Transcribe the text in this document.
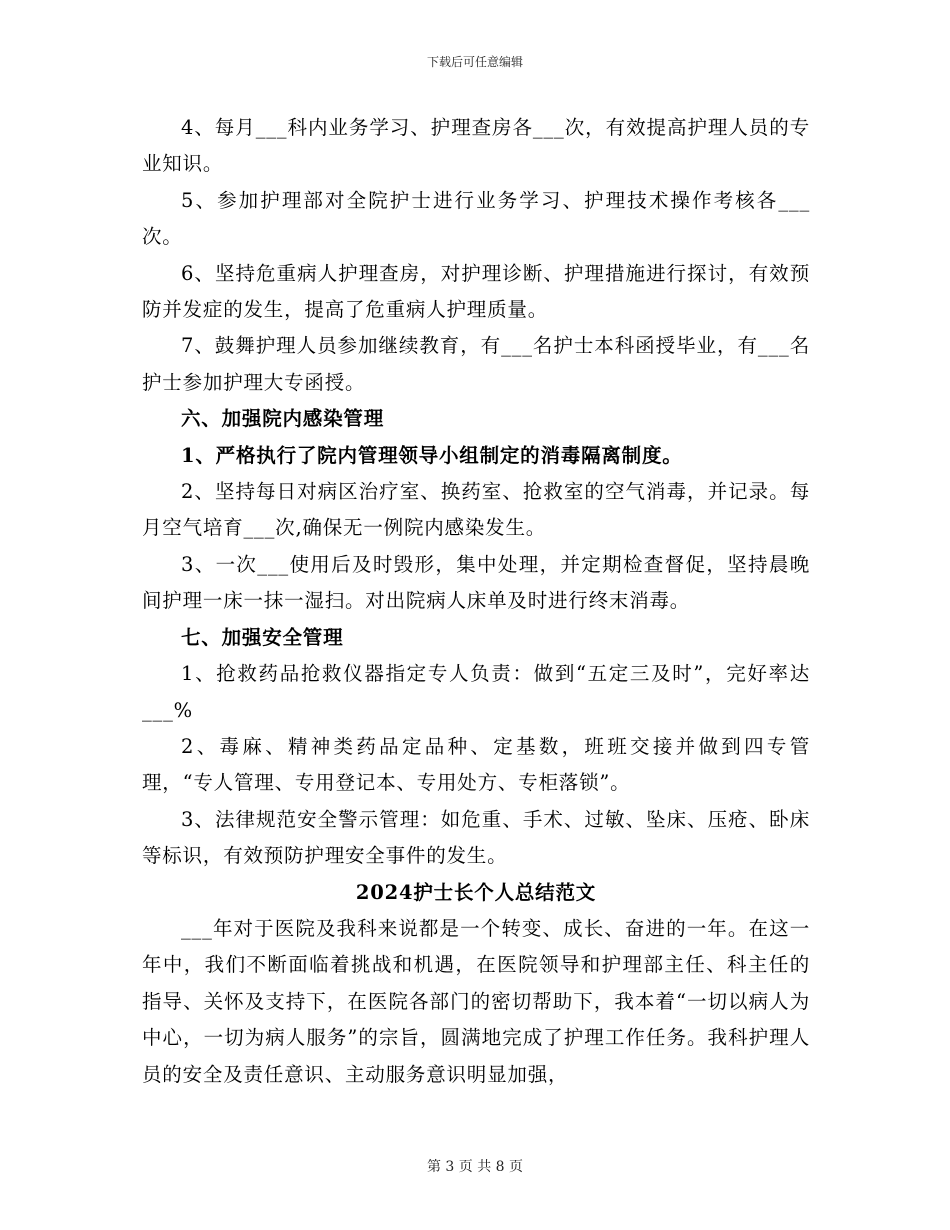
下载后可任意编辑

4、每月___科内业务学习、护理查房各___次，有效提高护理人员的专业知识。

5、参加护理部对全院护士进行业务学习、护理技术操作考核各___次。

6、坚持危重病人护理查房，对护理诊断、护理措施进行探讨，有效预防并发症的发生，提高了危重病人护理质量。

7、鼓舞护理人员参加继续教育，有___名护士本科函授毕业，有___名护士参加护理大专函授。

六、加强院内感染管理

1、严格执行了院内管理领导小组制定的消毒隔离制度。

2、坚持每日对病区治疗室、换药室、抢救室的空气消毒，并记录。每月空气培育___次,确保无一例院内感染发生。

3、一次___使用后及时毁形，集中处理，并定期检查督促，坚持晨晚间护理一床一抹一湿扫。对出院病人床单及时进行终末消毒。

七、加强安全管理

1、抢救药品抢救仪器指定专人负责：做到“五定三及时”，完好率达___%

2、毒麻、精神类药品定品种、定基数，班班交接并做到四专管理，“专人管理、专用登记本、专用处方、专柜落锁”。

3、法律规范安全警示管理：如危重、手术、过敏、坠床、压疮、卧床等标识，有效预防护理安全事件的发生。

2024护士长个人总结范文

___年对于医院及我科来说都是一个转变、成长、奋进的一年。在这一年中，我们不断面临着挑战和机遇，在医院领导和护理部主任、科主任的指导、关怀及支持下，在医院各部门的密切帮助下，我本着“一切以病人为中心，一切为病人服务”的宗旨，圆满地完成了护理工作任务。我科护理人员的安全及责任意识、主动服务意识明显加强，

第 3 页 共 8 页
